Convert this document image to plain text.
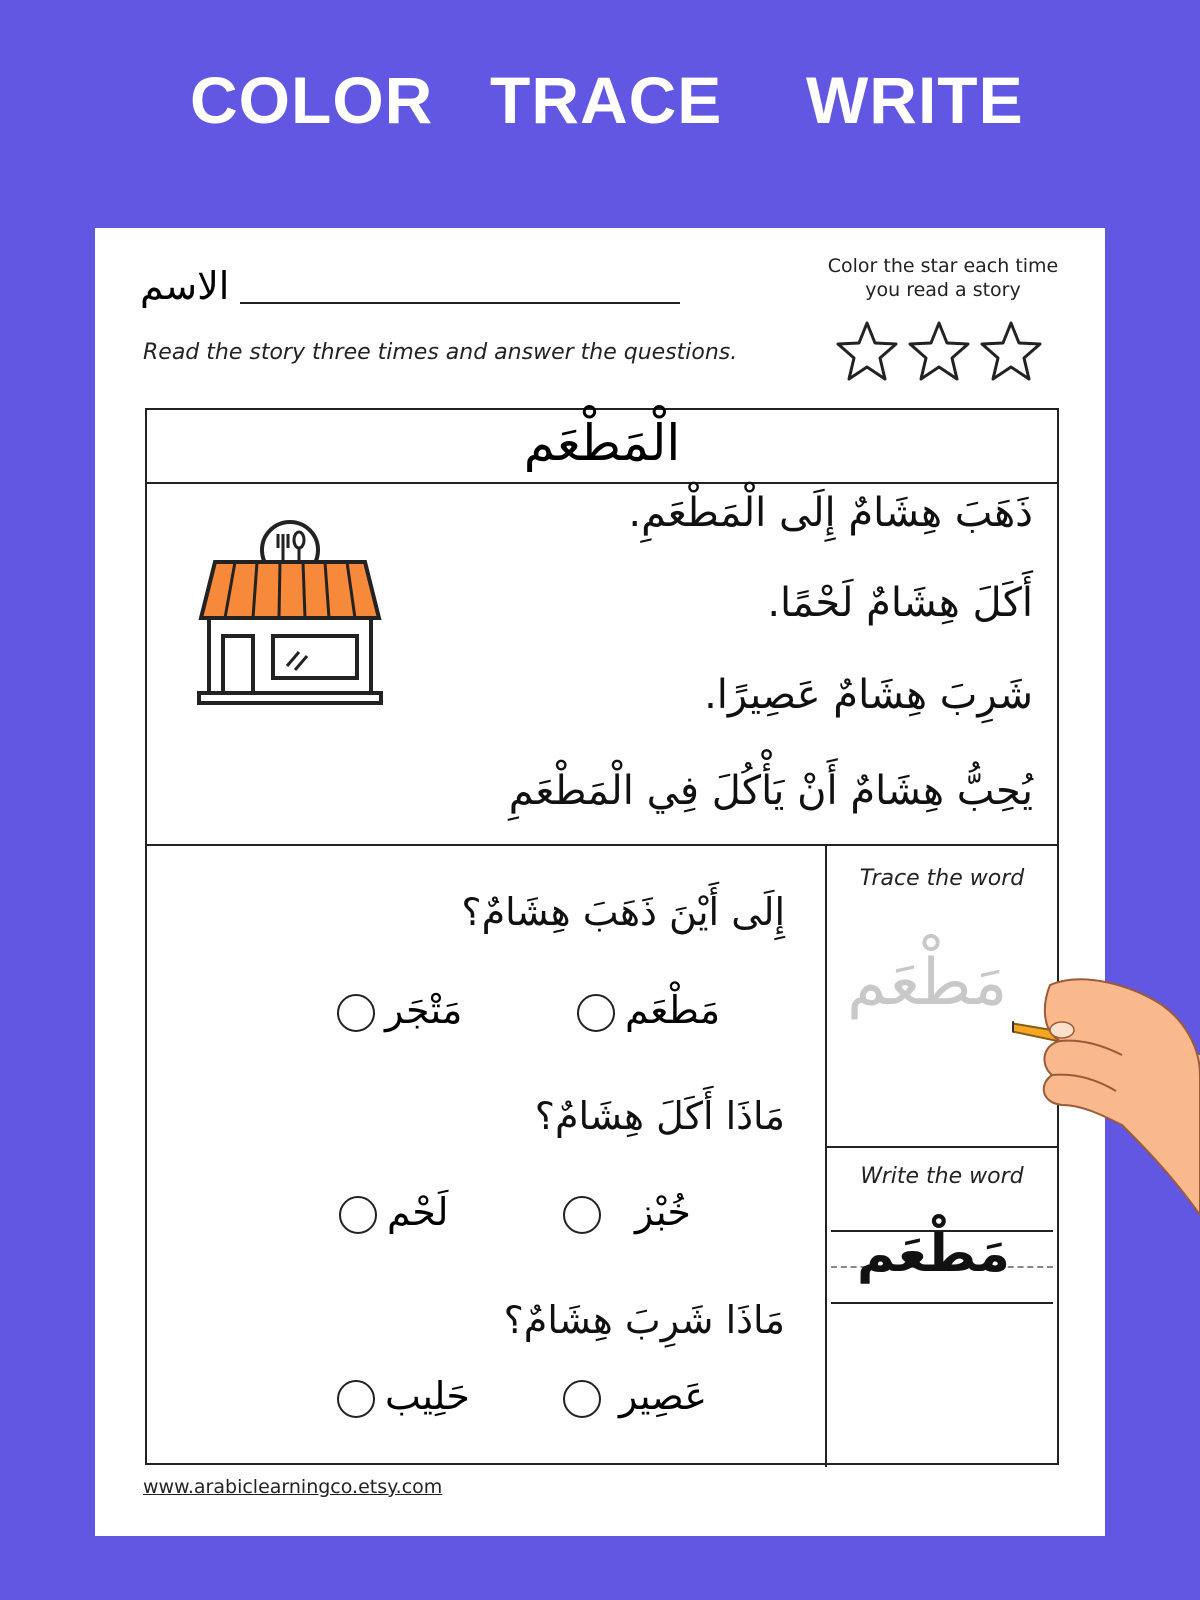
COLOR TRACE WRITE
الاسم
Read the story three times and answer the questions.
Color the star each time
you read a story
الْمَطْعَم
ذَهَبَ هِشَامٌ إِلَى الْمَطْعَمِ.
أَكَلَ هِشَامٌ لَحْمًا.
شَرِبَ هِشَامٌ عَصِيرًا.
يُحِبُّ هِشَامٌ أَنْ يَأْكُلَ فِي الْمَطْعَمِ
إِلَى أَيْنَ ذَهَبَ هِشَامٌ؟
مَتْجَر	مَطْعَم
مَاذَا أَكَلَ هِشَامٌ؟
لَحْم	خُبْز
مَاذَا شَرِبَ هِشَامٌ؟
حَلِيب	عَصِير
Trace the word
مَطْعَم
Write the word
مَطْعَم
www.arabiclearningco.etsy.com
